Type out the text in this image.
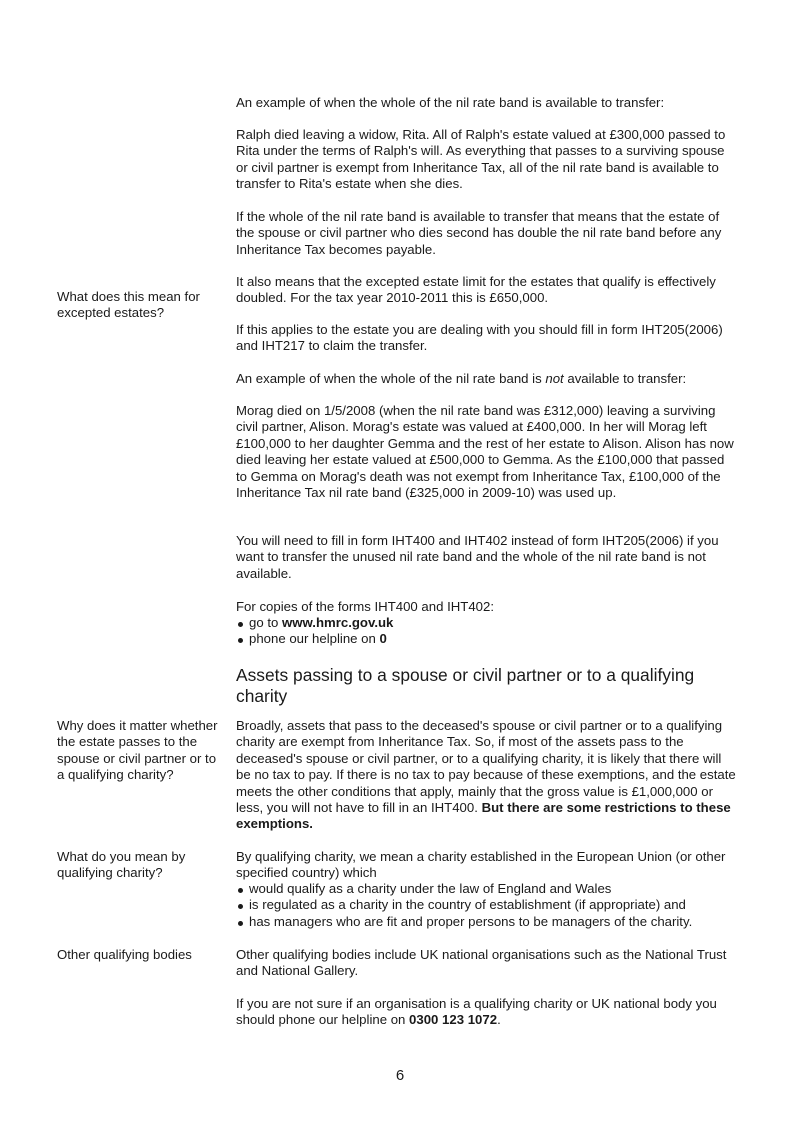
What does this mean for excepted estates?

Why does it matter whether the estate passes to the spouse or civil partner or to a qualifying charity?

What do you mean by qualifying charity?

Other qualifying bodies

An example of when the whole of the nil rate band is available to transfer:

Ralph died leaving a widow, Rita. All of Ralph's estate valued at £300,000 passed to Rita under the terms of Ralph's will. As everything that passes to a surviving spouse or civil partner is exempt from Inheritance Tax, all of the nil rate band is available to transfer to Rita's estate when she dies.

If the whole of the nil rate band is available to transfer that means that the estate of the spouse or civil partner who dies second has double the nil rate band before any Inheritance Tax becomes payable.

It also means that the excepted estate limit for the estates that qualify is effectively doubled. For the tax year 2010-2011 this is £650,000.

If this applies to the estate you are dealing with you should fill in form IHT205(2006) and IHT217 to claim the transfer.

An example of when the whole of the nil rate band is not available to transfer:

Morag died on 1/5/2008 (when the nil rate band was £312,000) leaving a surviving civil partner, Alison. Morag's estate was valued at £400,000. In her will Morag left £100,000 to her daughter Gemma and the rest of her estate to Alison. Alison has now died leaving her estate valued at £500,000 to Gemma. As the £100,000 that passed to Gemma on Morag's death was not exempt from Inheritance Tax, £100,000 of the Inheritance Tax nil rate band (£325,000 in 2009-10) was used up.

You will need to fill in form IHT400 and IHT402 instead of form IHT205(2006) if you want to transfer the unused nil rate band and the whole of the nil rate band is not available.

For copies of the forms IHT400 and IHT402:

go to www.hmrc.gov.uk
phone our helpline on 0
Assets passing to a spouse or civil partner or to a qualifying charity

Broadly, assets that pass to the deceased's spouse or civil partner or to a qualifying charity are exempt from Inheritance Tax. So, if most of the assets pass to the deceased's spouse or civil partner, or to a qualifying charity, it is likely that there will be no tax to pay. If there is no tax to pay because of these exemptions, and the estate meets the other conditions that apply, mainly that the gross value is £1,000,000 or less, you will not have to fill in an IHT400. But there are some restrictions to these exemptions.

By qualifying charity, we mean a charity established in the European Union (or other specified country) which

would qualify as a charity under the law of England and Wales
is regulated as a charity in the country of establishment (if appropriate) and
has managers who are fit and proper persons to be managers of the charity.

Other qualifying bodies include UK national organisations such as the National Trust and National Gallery.

If you are not sure if an organisation is a qualifying charity or UK national body you should phone our helpline on 0300 123 1072.

6
